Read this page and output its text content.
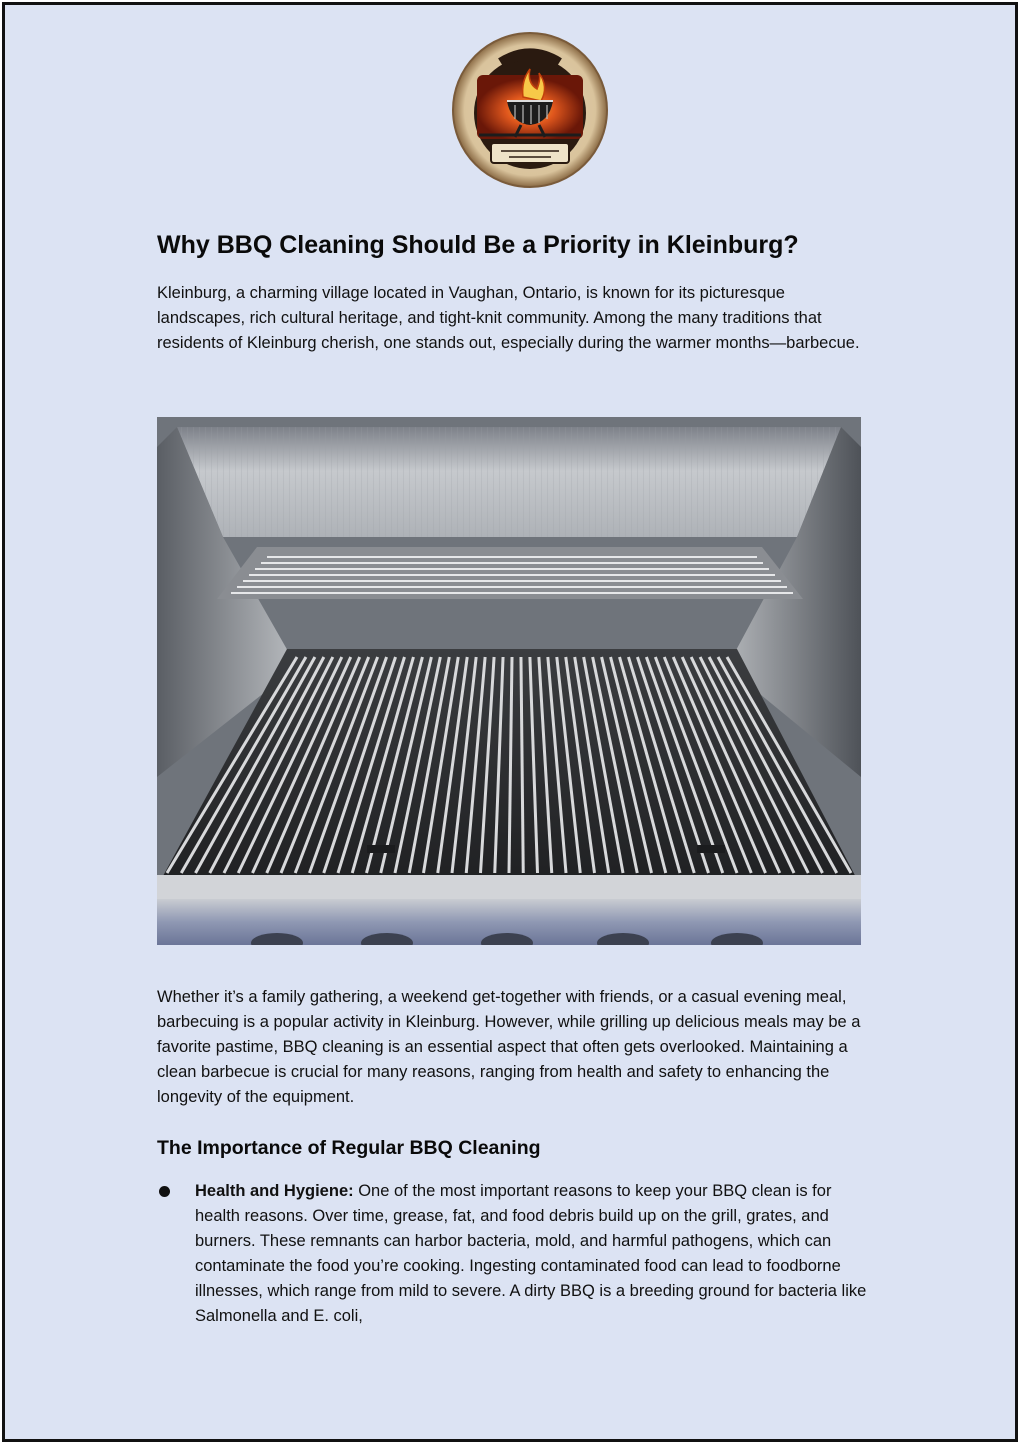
Why BBQ Cleaning Should Be a Priority in Kleinburg?

Kleinburg, a charming village located in Vaughan, Ontario, is known for its picturesque landscapes, rich cultural heritage, and tight-knit community. Among the many traditions that residents of Kleinburg cherish, one stands out, especially during the warmer months—barbecue.

Whether it’s a family gathering, a weekend get-together with friends, or a casual evening meal, barbecuing is a popular activity in Kleinburg. However, while grilling up delicious meals may be a favorite pastime, BBQ cleaning is an essential aspect that often gets overlooked. Maintaining a clean barbecue is crucial for many reasons, ranging from health and safety to enhancing the longevity of the equipment.

The Importance of Regular BBQ Cleaning

Health and Hygiene: One of the most important reasons to keep your BBQ clean is for health reasons. Over time, grease, fat, and food debris build up on the grill, grates, and burners. These remnants can harbor bacteria, mold, and harmful pathogens, which can contaminate the food you’re cooking. Ingesting contaminated food can lead to foodborne illnesses, which range from mild to severe. A dirty BBQ is a breeding ground for bacteria like Salmonella and E. coli,
